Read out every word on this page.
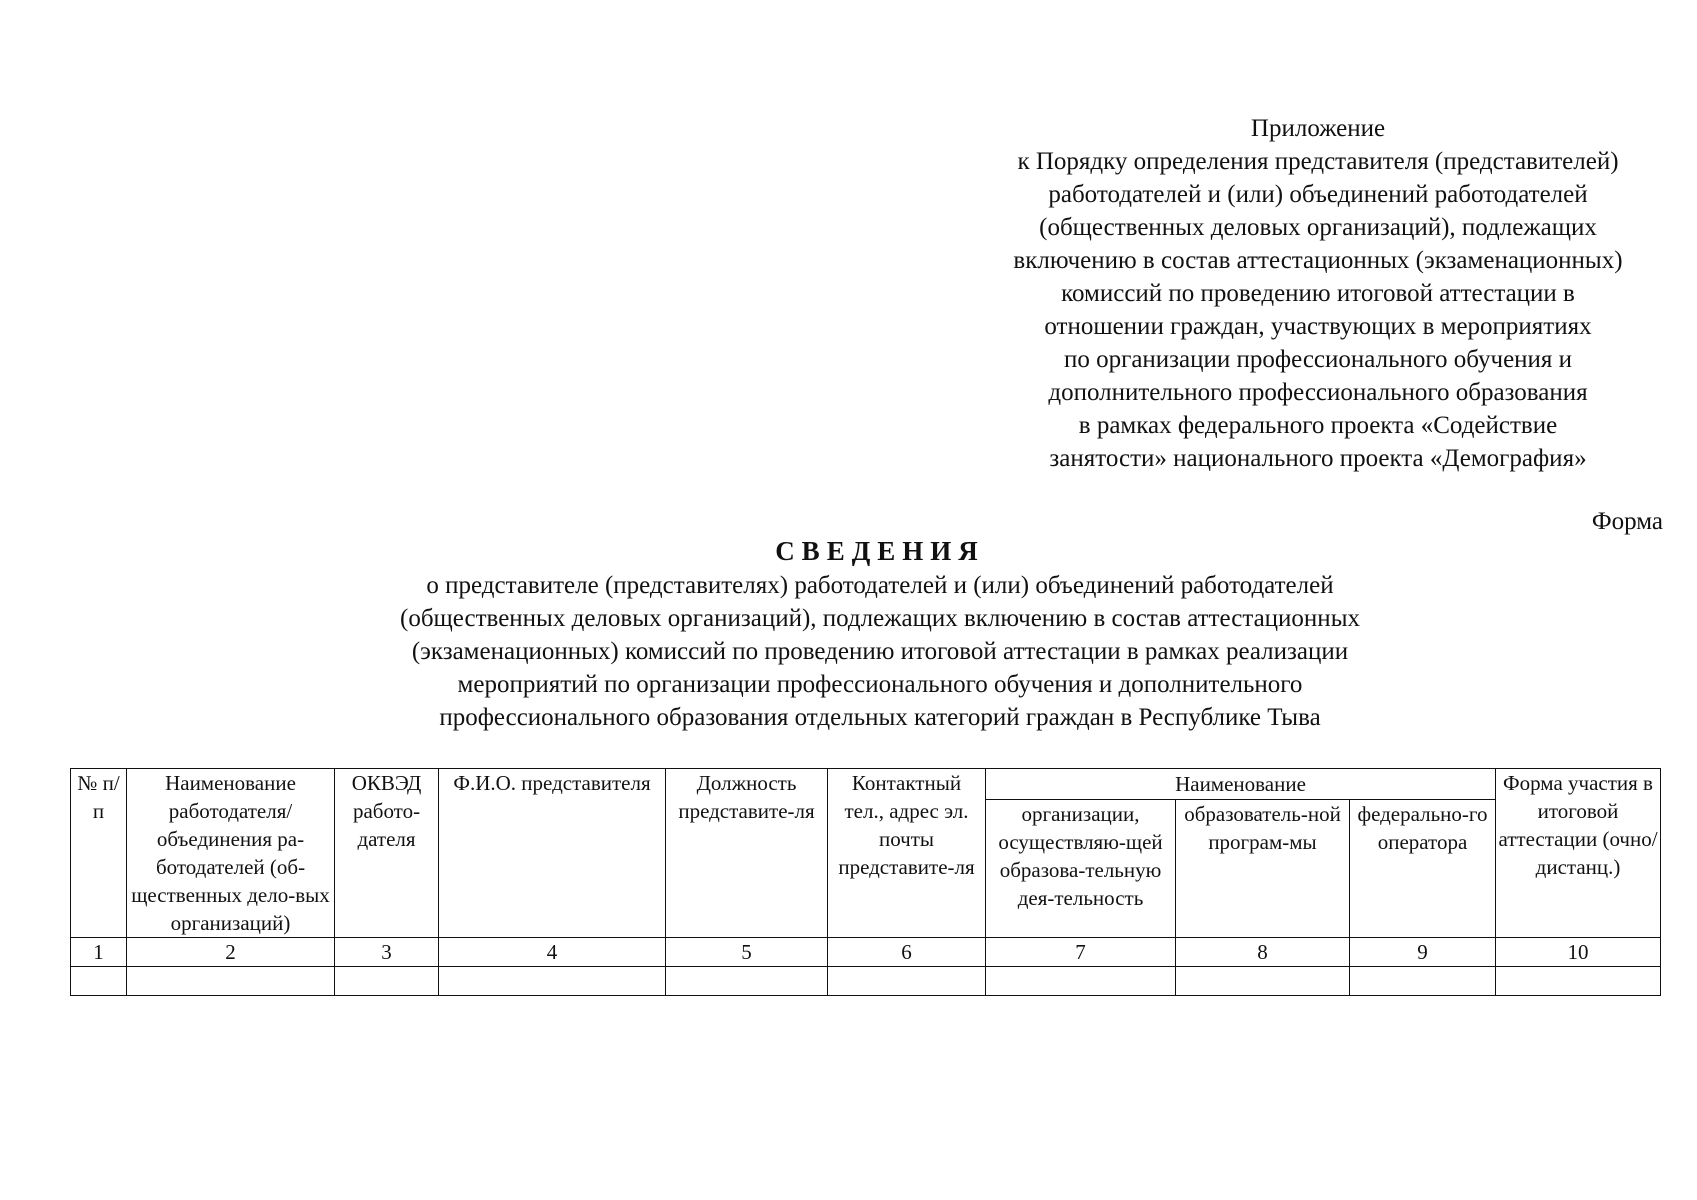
Приложение
к Порядку определения представителя (представителей)
работодателей и (или) объединений работодателей
(общественных деловых организаций), подлежащих
включению в состав аттестационных (экзаменационных)
комиссий по проведению итоговой аттестации в
отношении граждан, участвующих в мероприятиях
по организации профессионального обучения и
дополнительного профессионального образования
в рамках федерального проекта «Содействие
занятости» национального проекта «Демография»
Форма
СВЕДЕНИЯ
о представителе (представителях) работодателей и (или) объединений работодателей
(общественных деловых организаций), подлежащих включению в состав аттестационных
(экзаменационных) комиссий по проведению итоговой аттестации в рамках реализации
мероприятий по организации профессионального обучения и дополнительного
профессионального образования отдельных категорий граждан в Республике Тыва
№ п/п	Наименование работодателя/ объединения ра-ботодателей (об-щественных дело-вых организаций)	ОКВЭД работо-дателя	Ф.И.О. представителя	Должность представите-ля	Контактный тел., адрес эл. почты представите-ля	Наименование			Форма участия в итоговой аттестации (очно/ дистанц.)

						организации, осуществляю-щей образова-тельную дея-тельность	образователь-ной програм-мы	федерально-го оператора	

1	2	3	4	5	6	7	8	9	10
